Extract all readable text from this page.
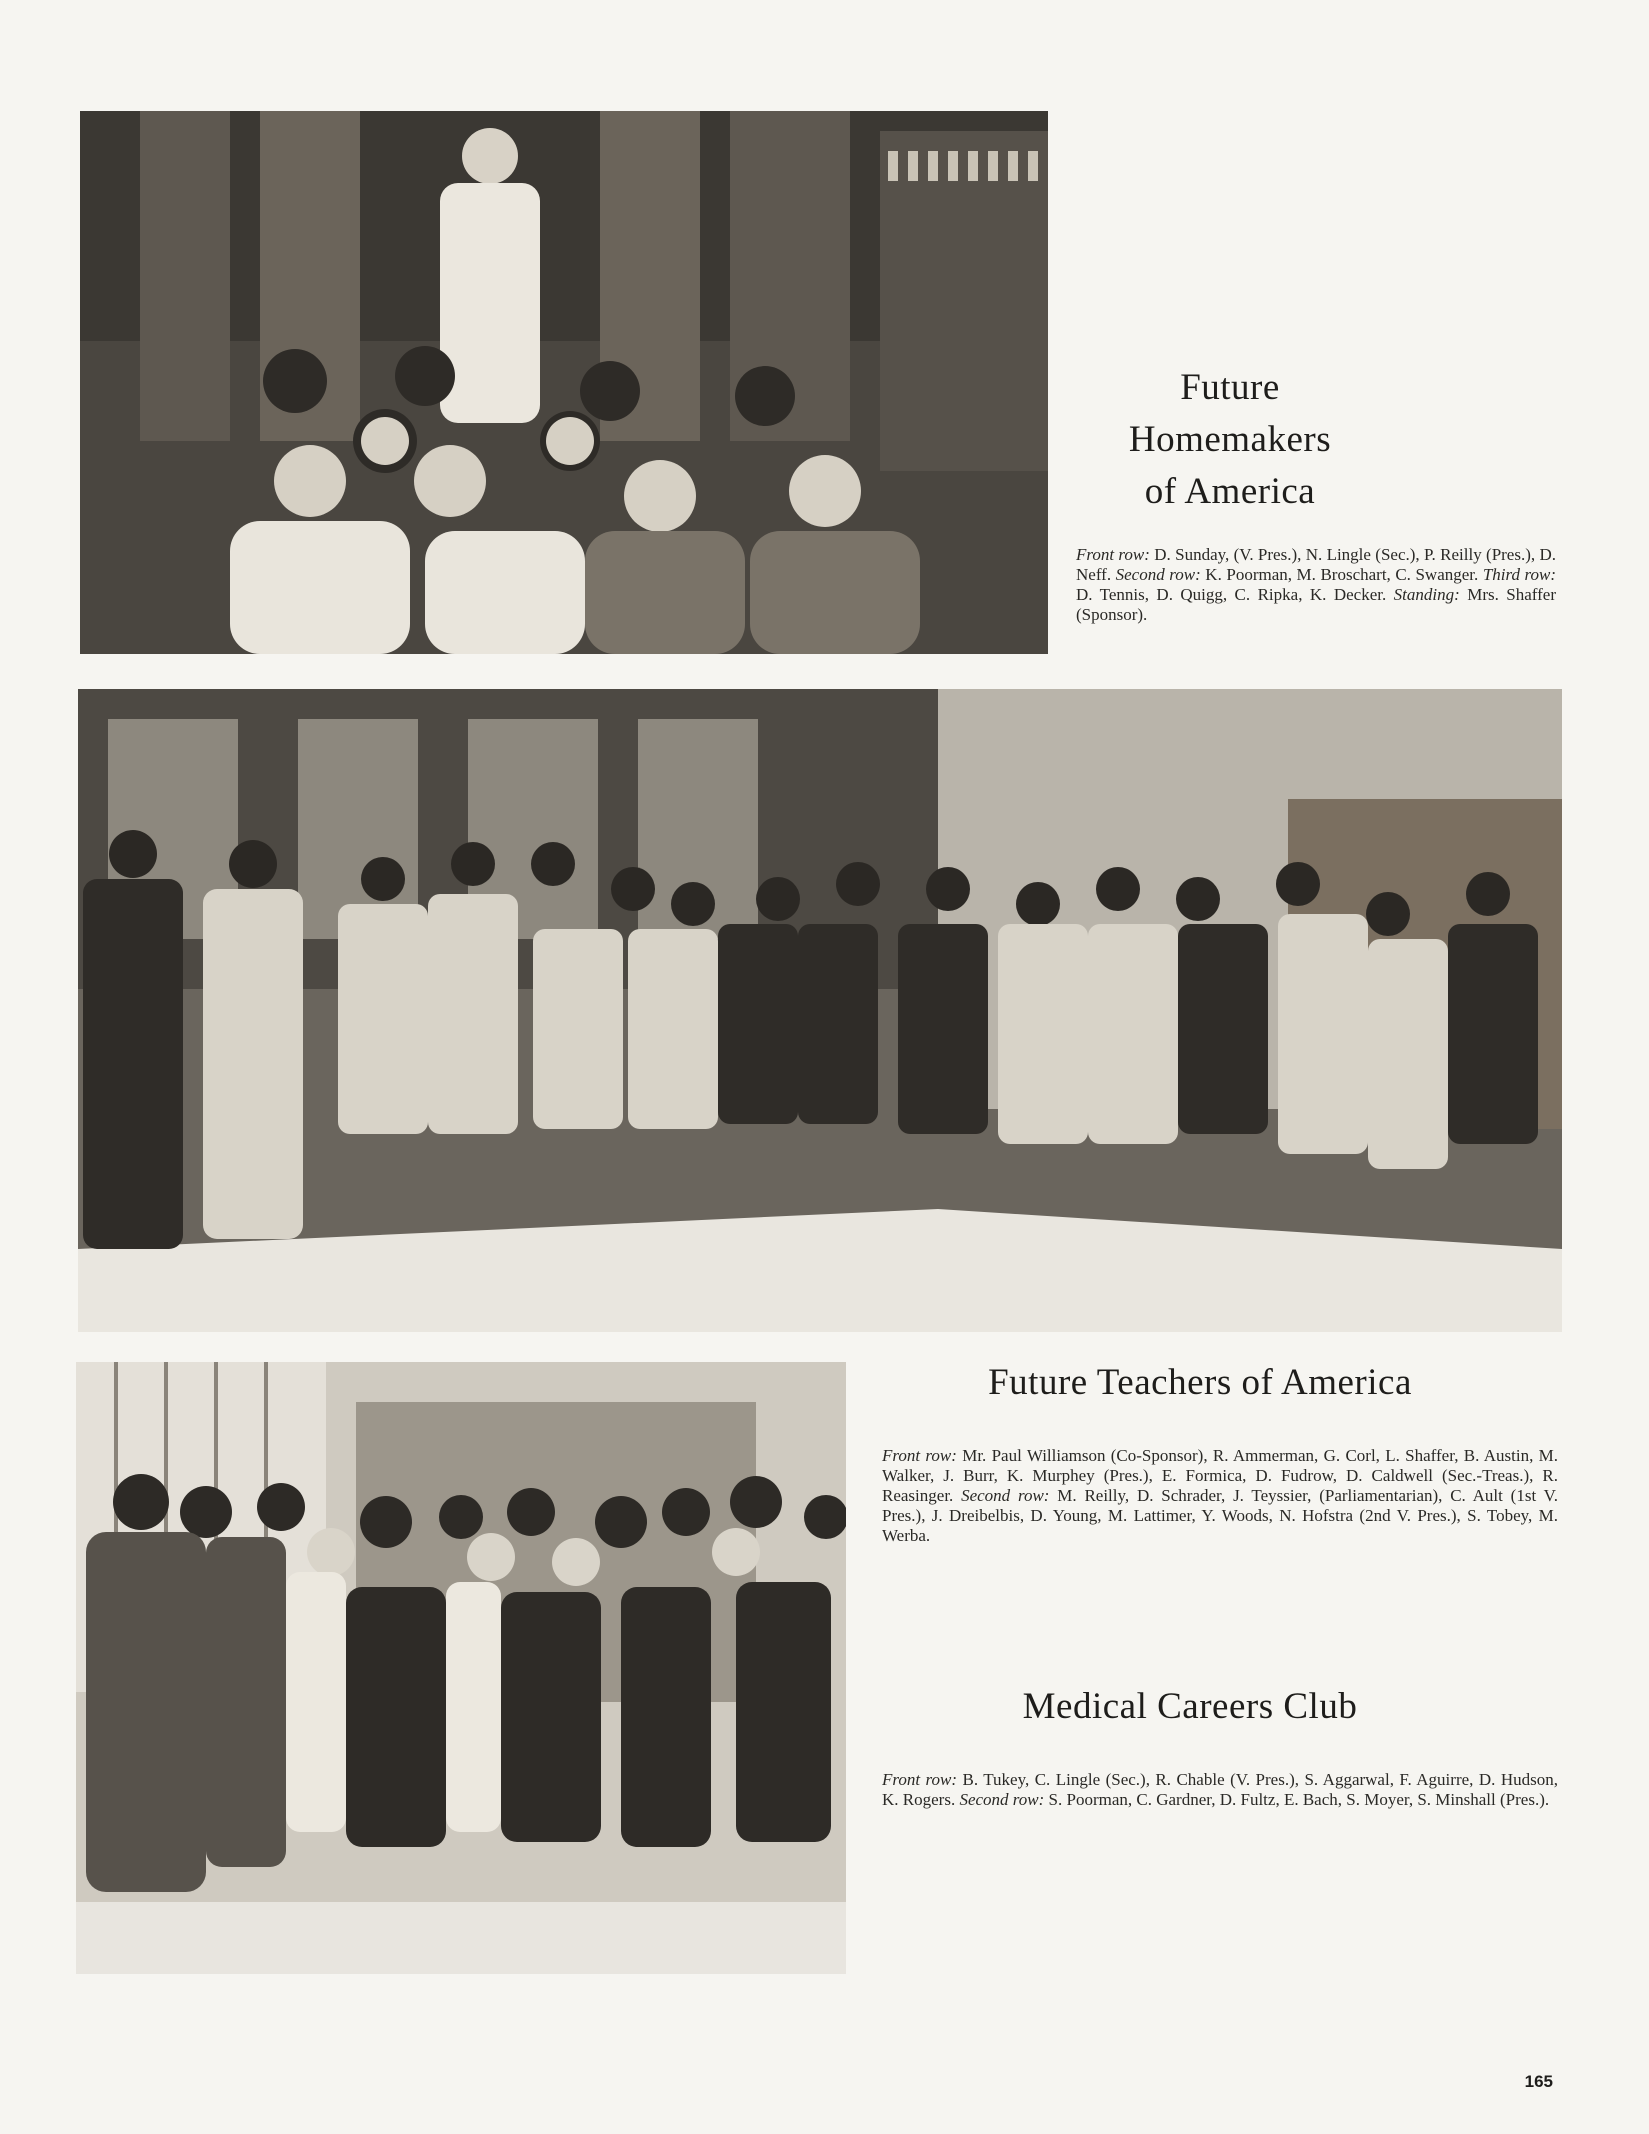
Future
Homemakers
of America

Front row: D. Sunday, (V. Pres.), N. Lingle (Sec.), P. Reilly (Pres.), D. Neff. Second row: K. Poorman, M. Broschart, C. Swanger. Third row: D. Tennis, D. Quigg, C. Ripka, K. Decker. Standing: Mrs. Shaffer (Sponsor).

Future Teachers of America

Front row: Mr. Paul Williamson (Co-Sponsor), R. Ammerman, G. Corl, L. Shaffer, B. Austin, M. Walker, J. Burr, K. Murphey (Pres.), E. Formica, D. Fudrow, D. Caldwell (Sec.-Treas.), R. Reasinger. Second row: M. Reilly, D. Schrader, J. Teyssier, (Parliamentarian), C. Ault (1st V. Pres.), J. Dreibelbis, D. Young, M. Lattimer, Y. Woods, N. Hofstra (2nd V. Pres.), S. Tobey, M. Werba.

Medical Careers Club

Front row: B. Tukey, C. Lingle (Sec.), R. Chable (V. Pres.), S. Aggarwal, F. Aguirre, D. Hudson, K. Rogers. Second row: S. Poorman, C. Gardner, D. Fultz, E. Bach, S. Moyer, S. Minshall (Pres.).

165
